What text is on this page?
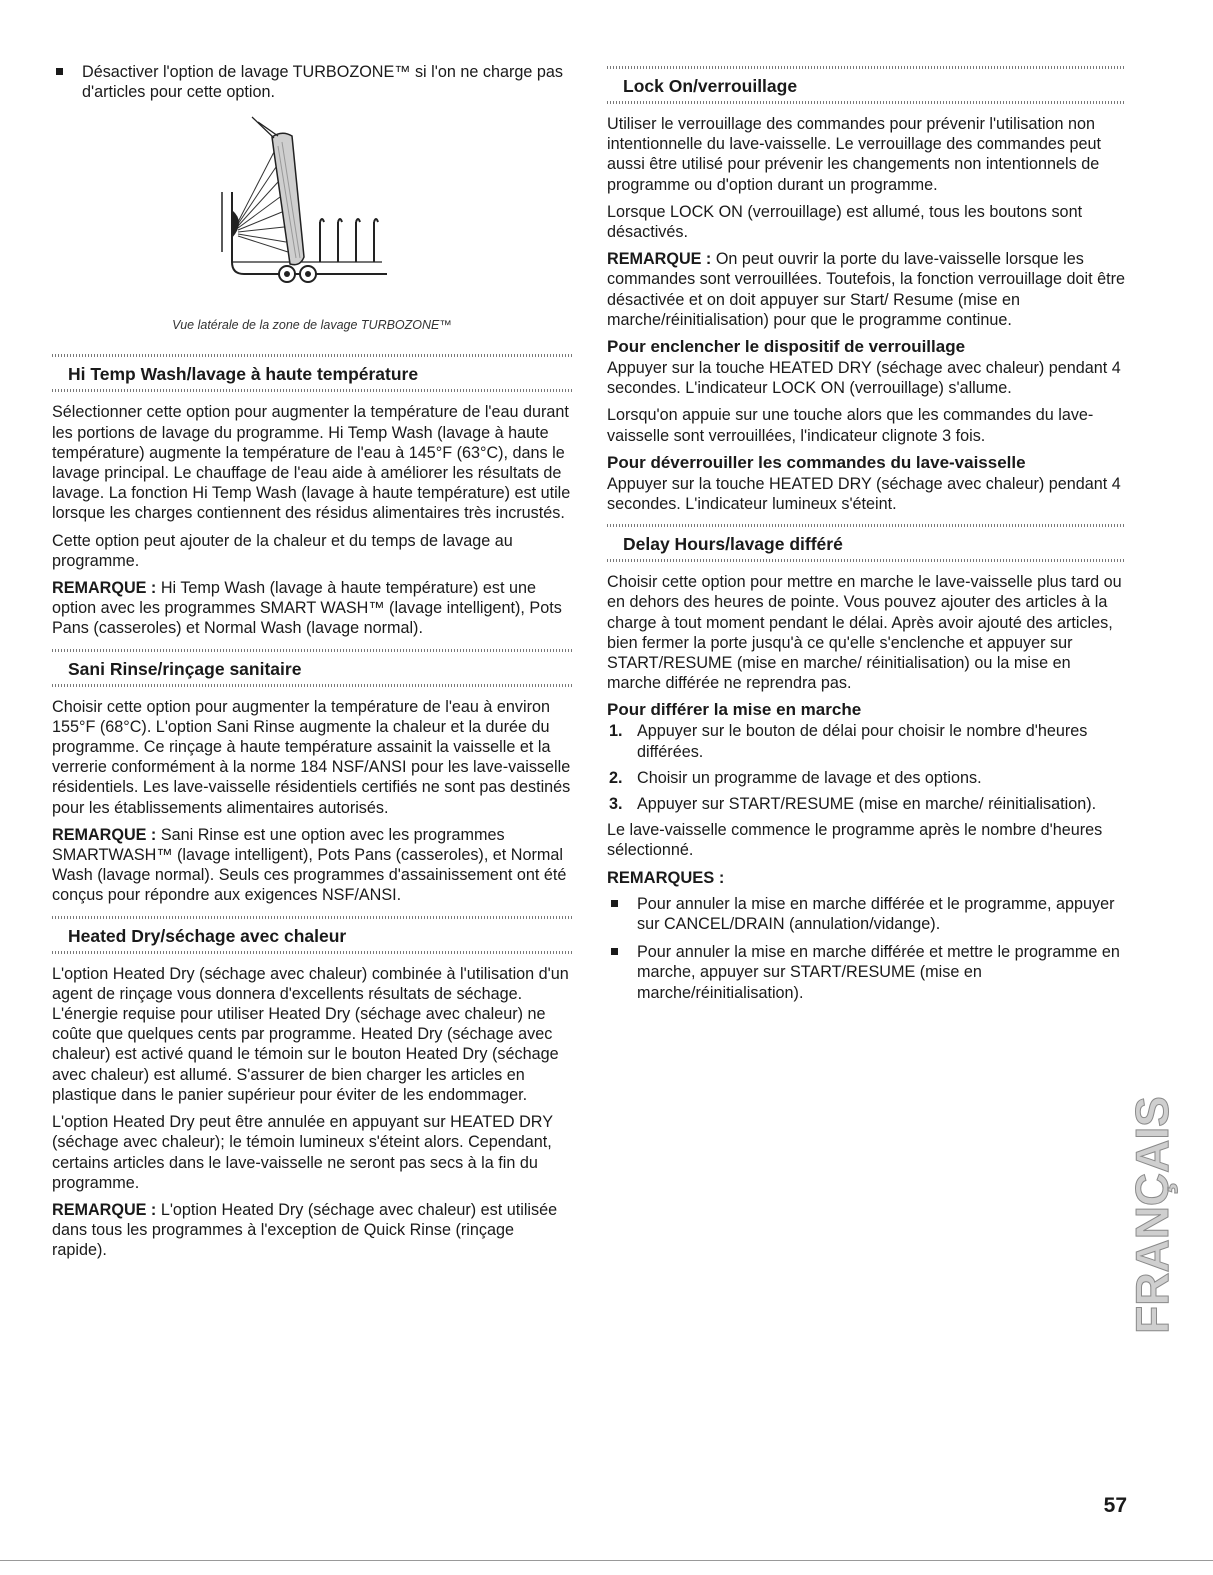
Désactiver l'option de lavage TURBOZONE™ si l'on ne charge pas d'articles pour cette option.
Vue latérale de la zone de lavage TURBOZONE™
Hi Temp Wash/lavage à haute température

Sélectionner cette option pour augmenter la température de l'eau durant les portions de lavage du programme. Hi Temp Wash (lavage à haute température) augmente la température de l'eau à 145°F (63°C), dans le lavage principal. Le chauffage de l'eau aide à améliorer les résultats de lavage. La fonction Hi Temp Wash (lavage à haute température) est utile lorsque les charges contiennent des résidus alimentaires très incrustés.

Cette option peut ajouter de la chaleur et du temps de lavage au programme.

REMARQUE : Hi Temp Wash (lavage à haute température) est une option avec les programmes SMART WASH™ (lavage intelligent), Pots Pans (casseroles) et Normal Wash (lavage normal).

Sani Rinse/rinçage sanitaire

Choisir cette option pour augmenter la température de l'eau à environ 155°F (68°C). L'option Sani Rinse augmente la chaleur et la durée du programme. Ce rinçage à haute température assainit la vaisselle et la verrerie conformément à la norme 184 NSF/ANSI pour les lave-vaisselle résidentiels. Les lave-vaisselle résidentiels certifiés ne sont pas destinés pour les établissements alimentaires autorisés.

REMARQUE : Sani Rinse est une option avec les programmes SMARTWASH™ (lavage intelligent), Pots Pans (casseroles), et Normal Wash (lavage normal). Seuls ces programmes d'assainissement ont été conçus pour répondre aux exigences NSF/ANSI.

Heated Dry/séchage avec chaleur

L'option Heated Dry (séchage avec chaleur) combinée à l'utilisation d'un agent de rinçage vous donnera d'excellents résultats de séchage. L'énergie requise pour utiliser Heated Dry (séchage avec chaleur) ne coûte que quelques cents par programme. Heated Dry (séchage avec chaleur) est activé quand le témoin sur le bouton Heated Dry (séchage avec chaleur) est allumé. S'assurer de bien charger les articles en plastique dans le panier supérieur pour éviter de les endommager.

L'option Heated Dry peut être annulée en appuyant sur HEATED DRY (séchage avec chaleur); le témoin lumineux s'éteint alors. Cependant, certains articles dans le lave-vaisselle ne seront pas secs à la fin du programme.

REMARQUE : L'option Heated Dry (séchage avec chaleur) est utilisée dans tous les programmes à l'exception de Quick Rinse (rinçage rapide).

Lock On/verrouillage

Utiliser le verrouillage des commandes pour prévenir l'utilisation non intentionnelle du lave-vaisselle. Le verrouillage des commandes peut aussi être utilisé pour prévenir les changements non intentionnels de programme ou d'option durant un programme.

Lorsque LOCK ON (verrouillage) est allumé, tous les boutons sont désactivés.

REMARQUE : On peut ouvrir la porte du lave-vaisselle lorsque les commandes sont verrouillées. Toutefois, la fonction verrouillage doit être désactivée et on doit appuyer sur Start/ Resume (mise en marche/réinitialisation) pour que le programme continue.

Pour enclencher le dispositif de verrouillage

Appuyer sur la touche HEATED DRY (séchage avec chaleur) pendant 4 secondes. L'indicateur LOCK ON (verrouillage) s'allume.

Lorsqu'on appuie sur une touche alors que les commandes du lave-vaisselle sont verrouillées, l'indicateur clignote 3 fois.

Pour déverrouiller les commandes du lave-vaisselle

Appuyer sur la touche HEATED DRY (séchage avec chaleur) pendant 4 secondes. L'indicateur lumineux s'éteint.

Delay Hours/lavage différé

Choisir cette option pour mettre en marche le lave-vaisselle plus tard ou en dehors des heures de pointe. Vous pouvez ajouter des articles à la charge à tout moment pendant le délai. Après avoir ajouté des articles, bien fermer la porte jusqu'à ce qu'elle s'enclenche et appuyer sur START/RESUME (mise en marche/ réinitialisation) ou la mise en marche différée ne reprendra pas.

Pour différer la mise en marche
1. Appuyer sur le bouton de délai pour choisir le nombre d'heures différées.
2. Choisir un programme de lavage et des options.
3. Appuyer sur START/RESUME (mise en marche/ réinitialisation).

Le lave-vaisselle commence le programme après le nombre d'heures sélectionné.

REMARQUES :
Pour annuler la mise en marche différée et le programme, appuyer sur CANCEL/DRAIN (annulation/vidange).
Pour annuler la mise en marche différée et mettre le programme en marche, appuyer sur START/RESUME (mise en marche/réinitialisation).
FRANÇAIS
57
